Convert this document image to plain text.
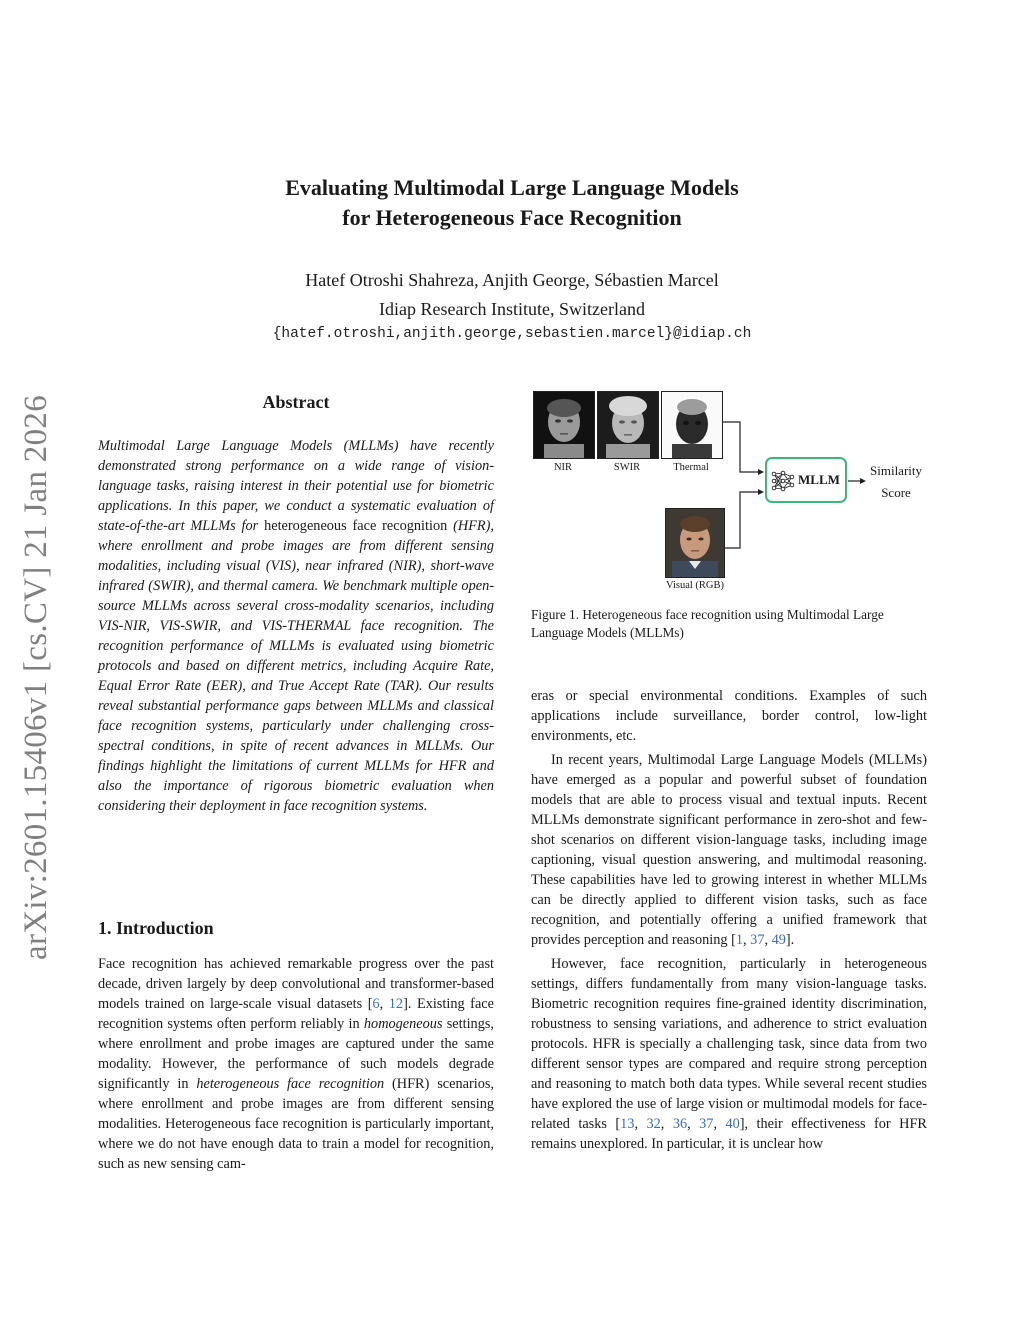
arXiv:2601.15406v1 [cs.CV] 21 Jan 2026
Evaluating Multimodal Large Language Models
for Heterogeneous Face Recognition
Hatef Otroshi Shahreza, Anjith George, Sébastien Marcel
Idiap Research Institute, Switzerland
{hatef.otroshi,anjith.george,sebastien.marcel}@idiap.ch
Abstract
Multimodal Large Language Models (MLLMs) have recently demonstrated strong performance on a wide range of vision-language tasks, raising interest in their potential use for biometric applications. In this paper, we conduct a systematic evaluation of state-of-the-art MLLMs for heterogeneous face recognition (HFR), where enrollment and probe images are from different sensing modalities, including visual (VIS), near infrared (NIR), short-wave infrared (SWIR), and thermal camera. We benchmark multiple open-source MLLMs across several cross-modality scenarios, including VIS-NIR, VIS-SWIR, and VIS-THERMAL face recognition. The recognition performance of MLLMs is evaluated using biometric protocols and based on different metrics, including Acquire Rate, Equal Error Rate (EER), and True Accept Rate (TAR). Our results reveal substantial performance gaps between MLLMs and classical face recognition systems, particularly under challenging cross-spectral conditions, in spite of recent advances in MLLMs. Our findings highlight the limitations of current MLLMs for HFR and also the importance of rigorous biometric evaluation when considering their deployment in face recognition systems.
1. Introduction
Face recognition has achieved remarkable progress over the past decade, driven largely by deep convolutional and transformer-based models trained on large-scale visual datasets [6, 12]. Existing face recognition systems often perform reliably in homogeneous settings, where enrollment and probe images are captured under the same modality. However, the performance of such models degrade significantly in heterogeneous face recognition (HFR) scenarios, where enrollment and probe images are from different sensing modalities. Heterogeneous face recognition is particularly important, where we do not have enough data to train a model for recognition, such as new sensing cam-
NIR	SWIR	Thermal
Visual (RGB)
MLLM
Similarity
Score
Figure 1. Heterogeneous face recognition using Multimodal Large Language Models (MLLMs)

eras or special environmental conditions. Examples of such applications include surveillance, border control, low-light environments, etc.

In recent years, Multimodal Large Language Models (MLLMs) have emerged as a popular and powerful subset of foundation models that are able to process visual and textual inputs. Recent MLLMs demonstrate significant performance in zero-shot and few-shot scenarios on different vision-language tasks, including image captioning, visual question answering, and multimodal reasoning. These capabilities have led to growing interest in whether MLLMs can be directly applied to different vision tasks, such as face recognition, and potentially offering a unified framework that provides perception and reasoning [1, 37, 49].

However, face recognition, particularly in heterogeneous settings, differs fundamentally from many vision-language tasks. Biometric recognition requires fine-grained identity discrimination, robustness to sensing variations, and adherence to strict evaluation protocols. HFR is specially a challenging task, since data from two different sensor types are compared and require strong perception and reasoning to match both data types. While several recent studies have explored the use of large vision or multimodal models for face-related tasks [13, 32, 36, 37, 40], their effectiveness for HFR remains unexplored. In particular, it is unclear how
